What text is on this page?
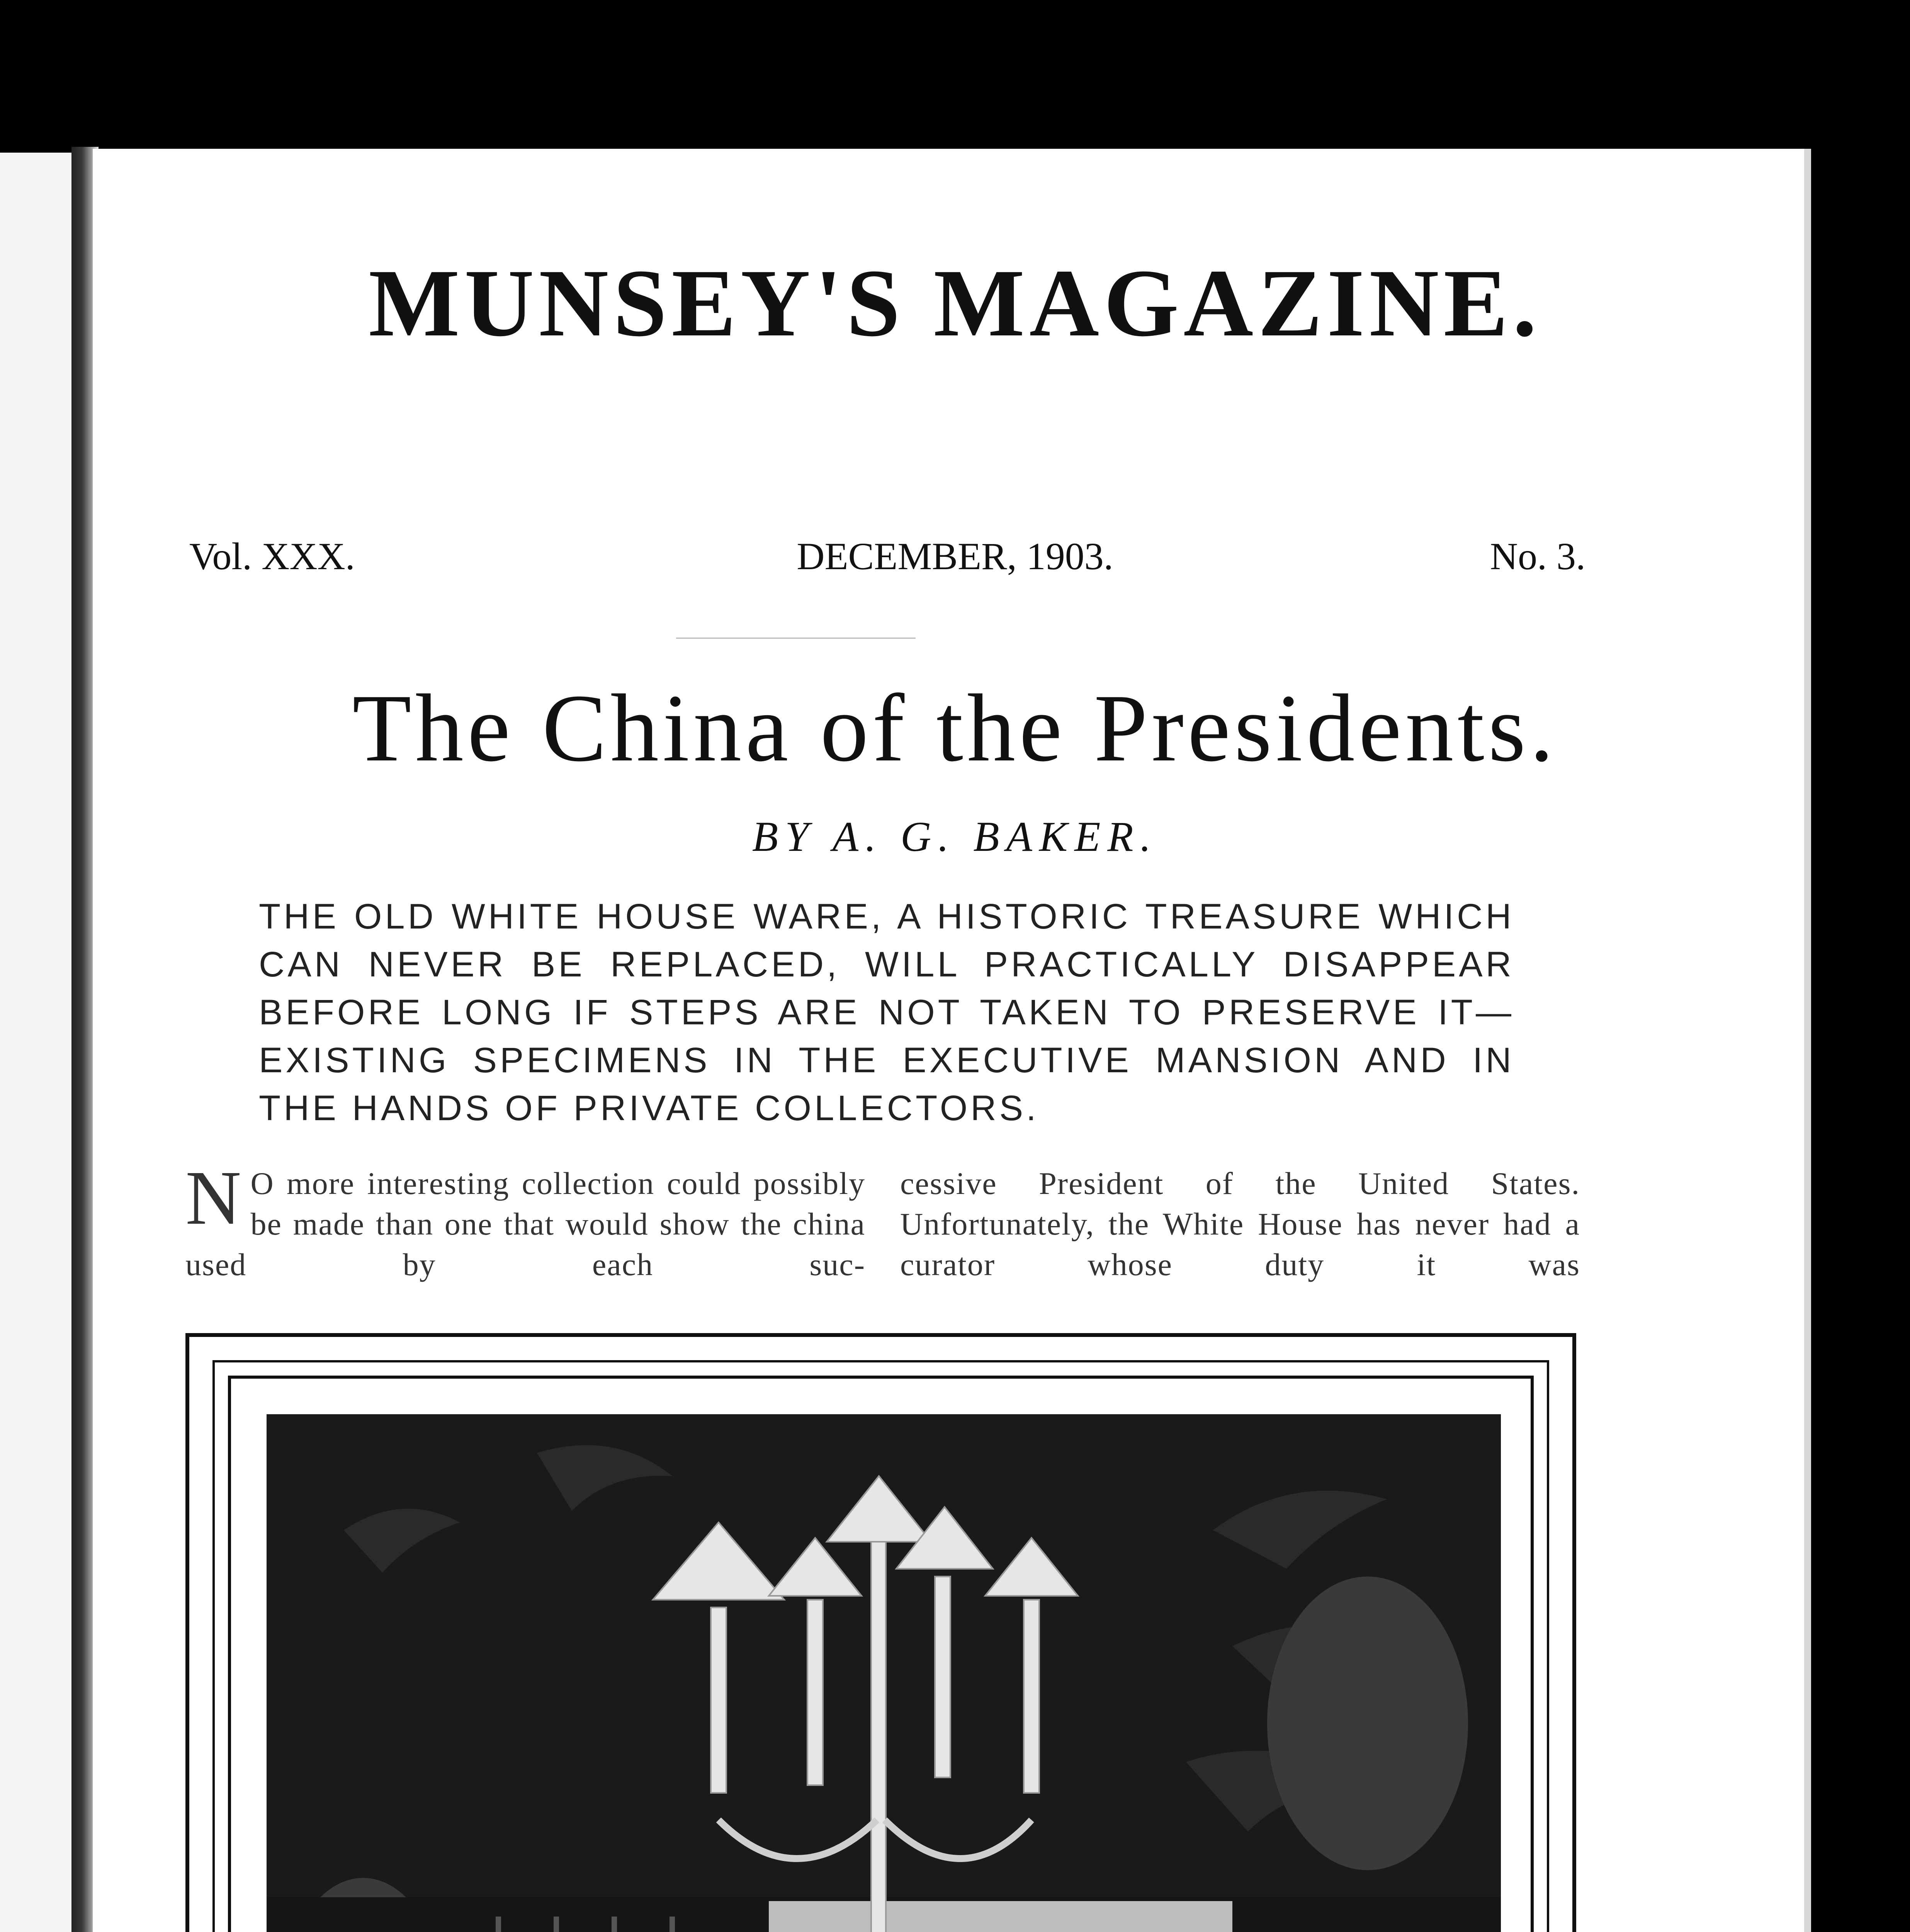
MUNSEY'S MAGAZINE.
Vol. XXX.	DECEMBER, 1903.	No. 3.
The China of the Presidents.
BY A. G. BAKER.
THE OLD WHITE HOUSE WARE, A HISTORIC TREASURE WHICH CAN NEVER BE REPLACED, WILL PRACTICALLY DISAPPEAR BEFORE LONG IF STEPS ARE NOT TAKEN TO PRESERVE IT—EXISTING SPECIMENS IN THE EXECUTIVE MANSION AND IN THE HANDS OF PRIVATE COLLECTORS.

N O more interesting collection could possibly be made than one that would show the china used by each suc-

cessive President of the United States. Unfortunately, the White House has never had a curator whose duty it was
